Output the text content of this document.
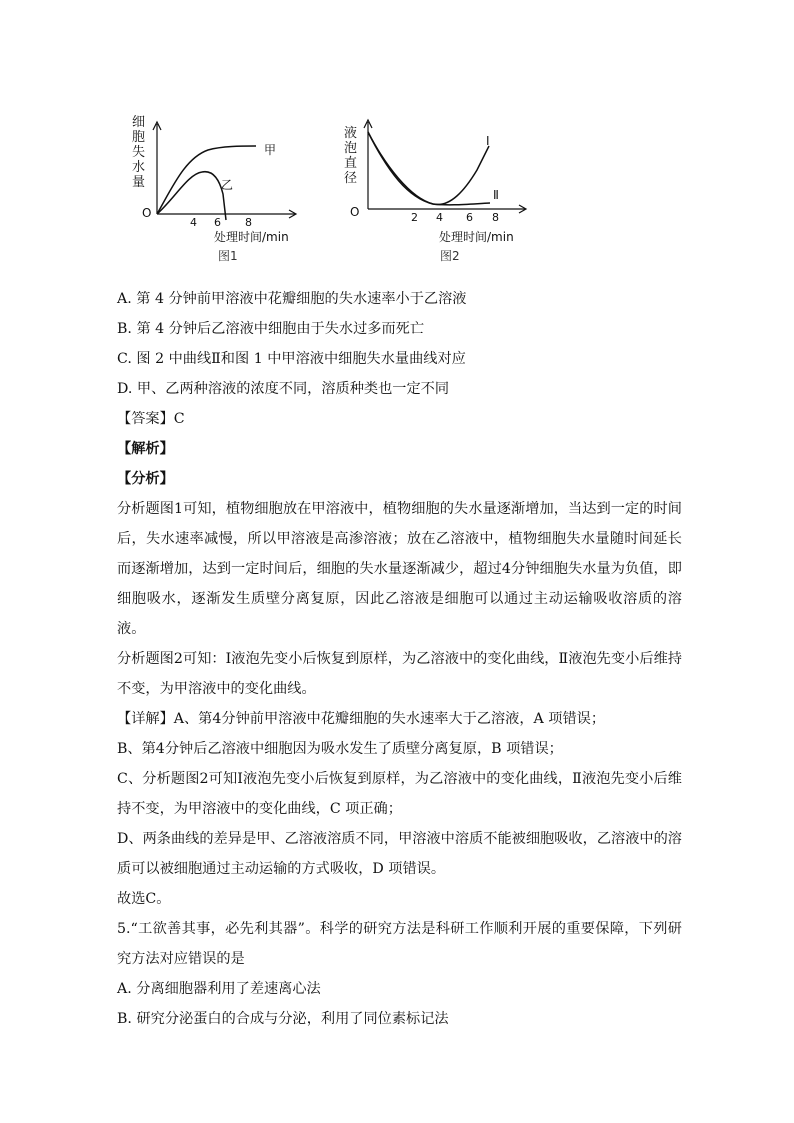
细
胞
失
水
量
O
甲
乙
4 6 8
处理时间/min
图1
液
泡
直
径
O
Ⅰ
Ⅱ
2 4 6 8
处理时间/min
图2
A. 第 4 分钟前甲溶液中花瓣细胞的失水速率小于乙溶液
B. 第 4 分钟后乙溶液中细胞由于失水过多而死亡
C. 图 2 中曲线Ⅱ和图 1 中甲溶液中细胞失水量曲线对应
D. 甲、乙两种溶液的浓度不同，溶质种类也一定不同
【答案】C
【解析】
【分析】
分析题图1可知，植物细胞放在甲溶液中，植物细胞的失水量逐渐增加，当达到一定的时间后，失水速率减慢，所以甲溶液是高渗溶液；放在乙溶液中，植物细胞失水量随时间延长而逐渐增加，达到一定时间后，细胞的失水量逐渐减少，超过4分钟细胞失水量为负值，即细胞吸水，逐渐发生质壁分离复原，因此乙溶液是细胞可以通过主动运输吸收溶质的溶液。
分析题图2可知：I液泡先变小后恢复到原样，为乙溶液中的变化曲线，Ⅱ液泡先变小后维持不变，为甲溶液中的变化曲线。
【详解】A、第4分钟前甲溶液中花瓣细胞的失水速率大于乙溶液，A 项错误；
B、第4分钟后乙溶液中细胞因为吸水发生了质壁分离复原，B 项错误；
C、分析题图2可知I液泡先变小后恢复到原样，为乙溶液中的变化曲线，Ⅱ液泡先变小后维持不变，为甲溶液中的变化曲线，C 项正确；
D、两条曲线的差异是甲、乙溶液溶质不同，甲溶液中溶质不能被细胞吸收，乙溶液中的溶质可以被细胞通过主动运输的方式吸收，D 项错误。
故选C。
5.“工欲善其事，必先利其器”。科学的研究方法是科研工作顺利开展的重要保障，下列研究方法对应错误的是
A. 分离细胞器利用了差速离心法
B. 研究分泌蛋白的合成与分泌，利用了同位素标记法
